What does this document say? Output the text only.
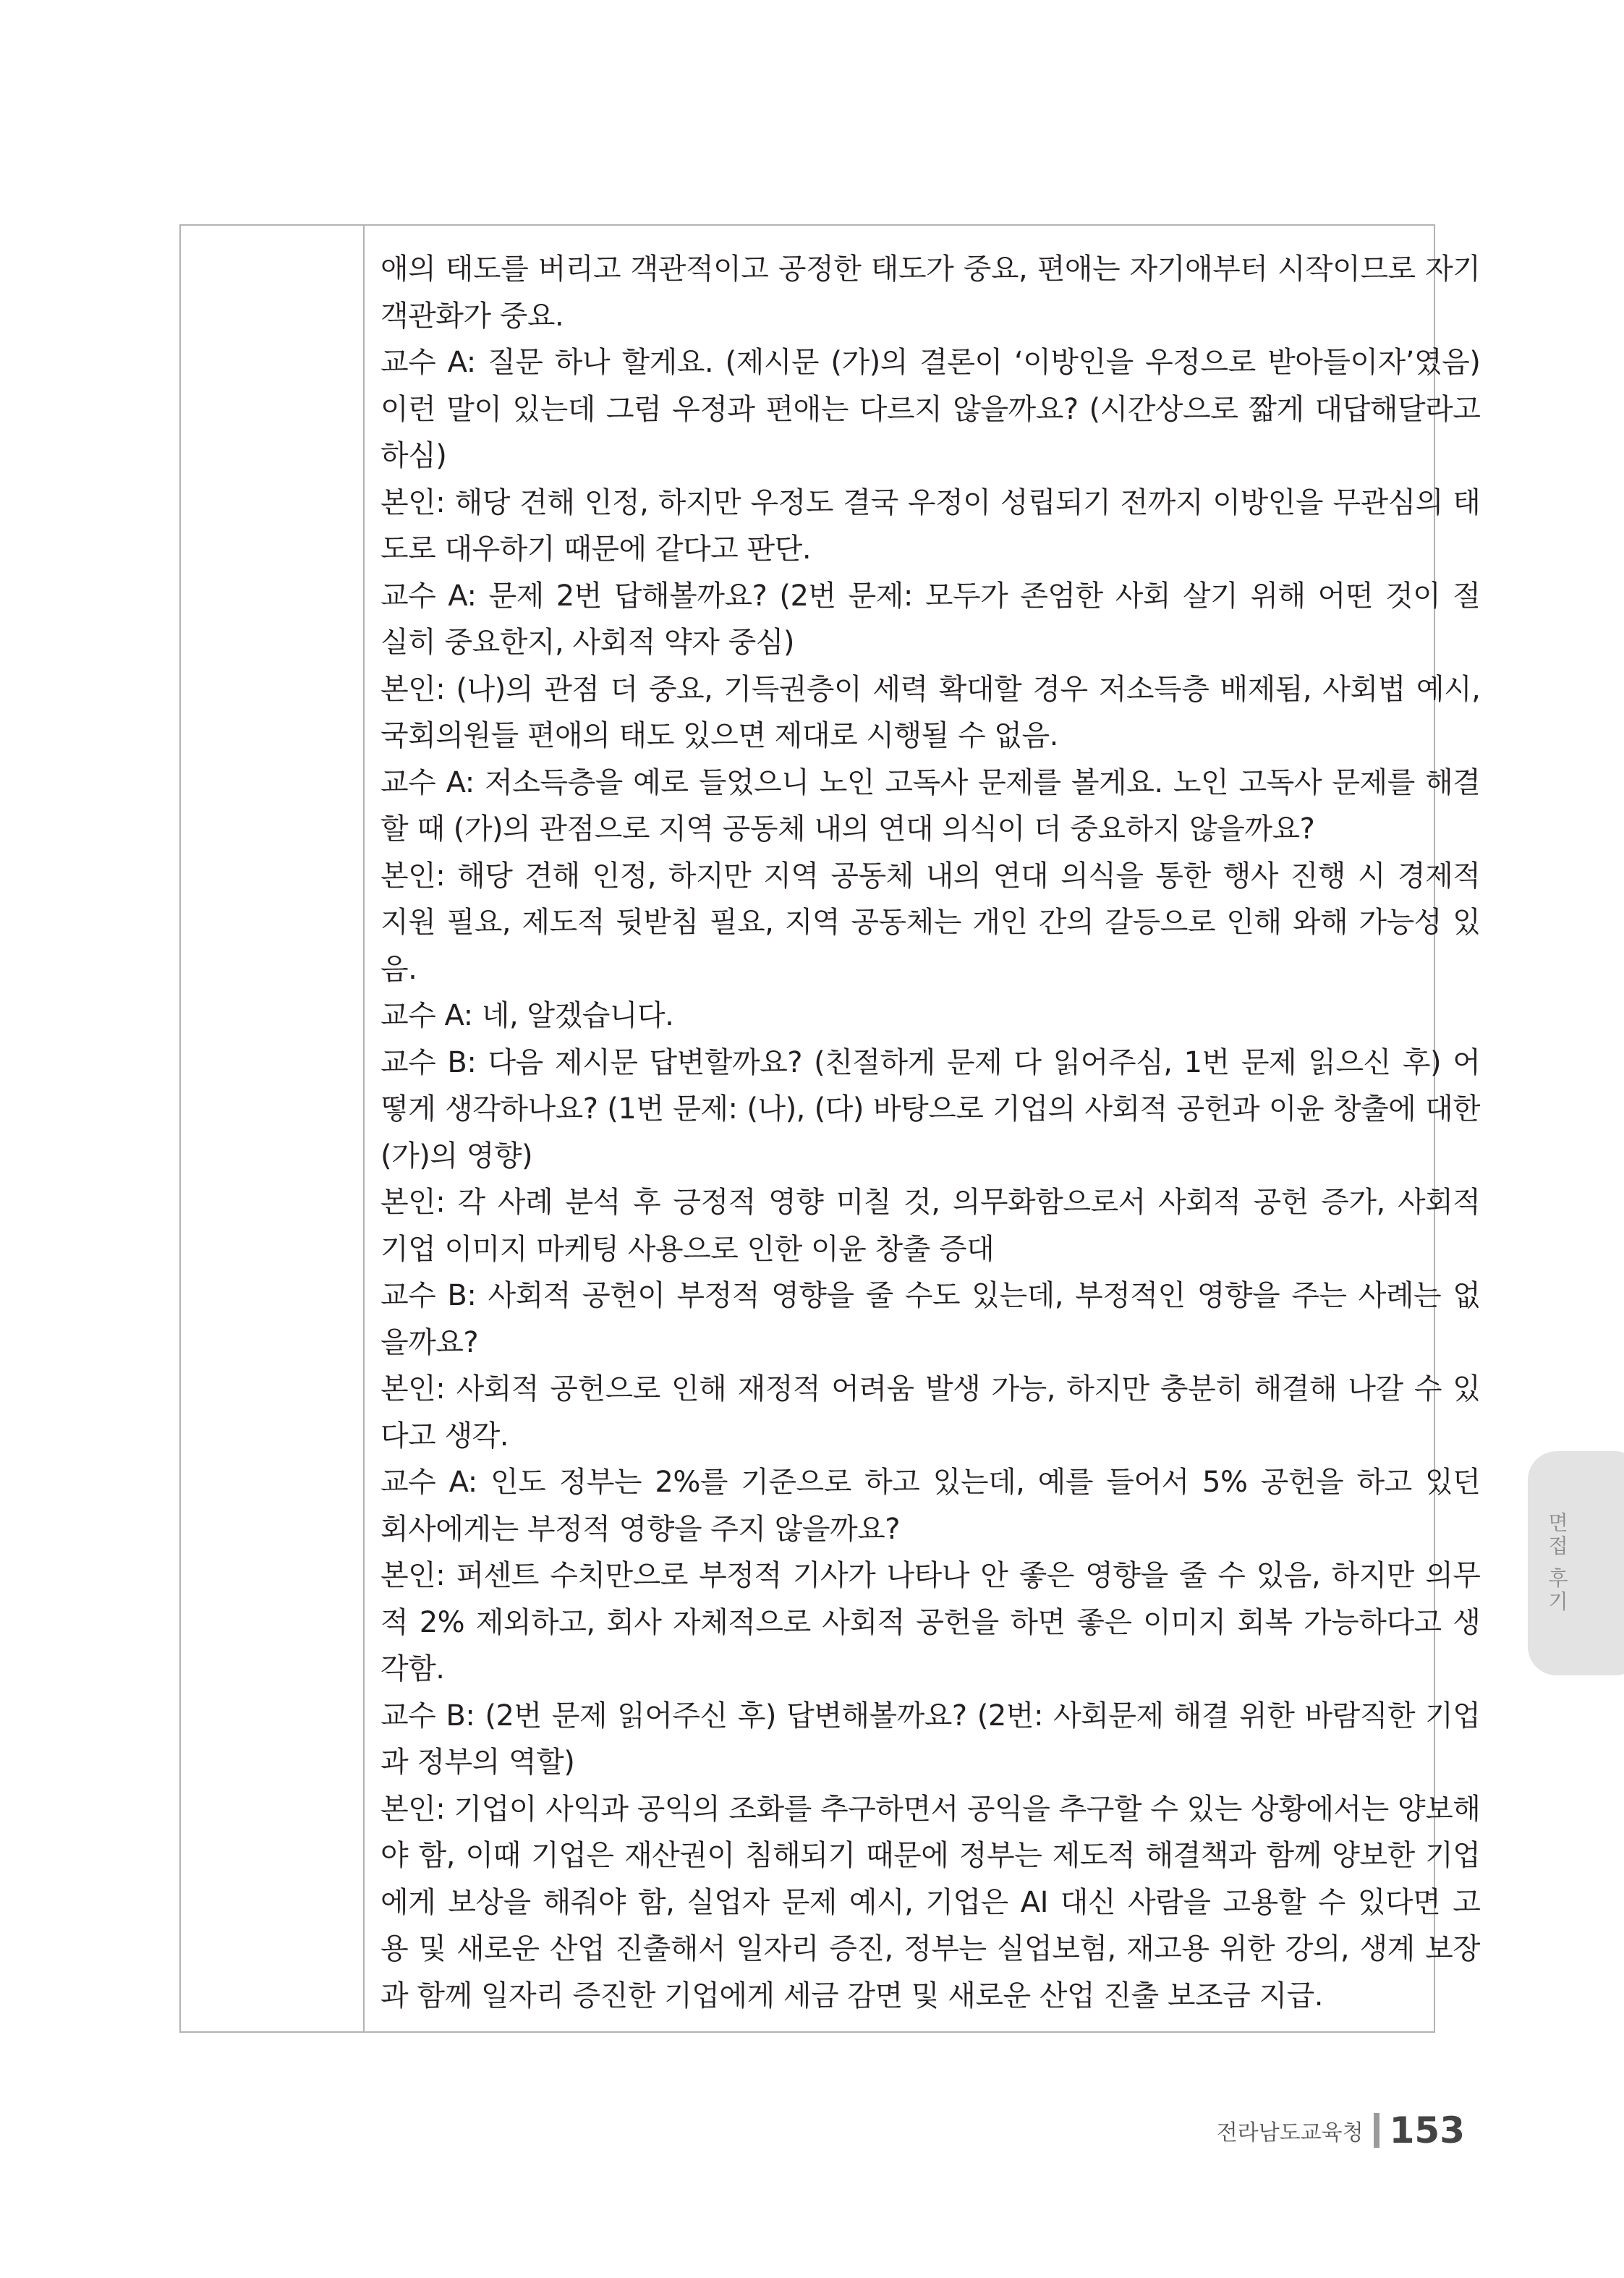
애의 태도를 버리고 객관적이고 공정한 태도가 중요, 편애는 자기애부터 시작이므로 자기
객관화가 중요.
교수 A: 질문 하나 할게요. (제시문 (가)의 결론이 ‘이방인을 우정으로 받아들이자’였음)
이런 말이 있는데 그럼 우정과 편애는 다르지 않을까요? (시간상으로 짧게 대답해달라고
하심)
본인: 해당 견해 인정, 하지만 우정도 결국 우정이 성립되기 전까지 이방인을 무관심의 태
도로 대우하기 때문에 같다고 판단.
교수 A: 문제 2번 답해볼까요? (2번 문제: 모두가 존엄한 사회 살기 위해 어떤 것이 절
실히 중요한지, 사회적 약자 중심)
본인: (나)의 관점 더 중요, 기득권층이 세력 확대할 경우 저소득층 배제됨, 사회법 예시,
국회의원들 편애의 태도 있으면 제대로 시행될 수 없음.
교수 A: 저소득층을 예로 들었으니 노인 고독사 문제를 볼게요. 노인 고독사 문제를 해결
할 때 (가)의 관점으로 지역 공동체 내의 연대 의식이 더 중요하지 않을까요?
본인: 해당 견해 인정, 하지만 지역 공동체 내의 연대 의식을 통한 행사 진행 시 경제적
지원 필요, 제도적 뒷받침 필요, 지역 공동체는 개인 간의 갈등으로 인해 와해 가능성 있
음.
교수 A: 네, 알겠습니다.
교수 B: 다음 제시문 답변할까요? (친절하게 문제 다 읽어주심, 1번 문제 읽으신 후) 어
떻게 생각하나요? (1번 문제: (나), (다) 바탕으로 기업의 사회적 공헌과 이윤 창출에 대한
(가)의 영향)
본인: 각 사례 분석 후 긍정적 영향 미칠 것, 의무화함으로서 사회적 공헌 증가, 사회적
기업 이미지 마케팅 사용으로 인한 이윤 창출 증대
교수 B: 사회적 공헌이 부정적 영향을 줄 수도 있는데, 부정적인 영향을 주는 사례는 없
을까요?
본인: 사회적 공헌으로 인해 재정적 어려움 발생 가능, 하지만 충분히 해결해 나갈 수 있
다고 생각.
교수 A: 인도 정부는 2%를 기준으로 하고 있는데, 예를 들어서 5% 공헌을 하고 있던
회사에게는 부정적 영향을 주지 않을까요?
본인: 퍼센트 수치만으로 부정적 기사가 나타나 안 좋은 영향을 줄 수 있음, 하지만 의무
적 2% 제외하고, 회사 자체적으로 사회적 공헌을 하면 좋은 이미지 회복 가능하다고 생
각함.
교수 B: (2번 문제 읽어주신 후) 답변해볼까요? (2번: 사회문제 해결 위한 바람직한 기업
과 정부의 역할)
본인: 기업이 사익과 공익의 조화를 추구하면서 공익을 추구할 수 있는 상황에서는 양보해
야 함, 이때 기업은 재산권이 침해되기 때문에 정부는 제도적 해결책과 함께 양보한 기업
에게 보상을 해줘야 함, 실업자 문제 예시, 기업은 AI 대신 사람을 고용할 수 있다면 고
용 및 새로운 산업 진출해서 일자리 증진, 정부는 실업보험, 재고용 위한 강의, 생계 보장
과 함께 일자리 증진한 기업에게 세금 감면 및 새로운 산업 진출 보조금 지급.
면접 후기
전라남도교육청 153
